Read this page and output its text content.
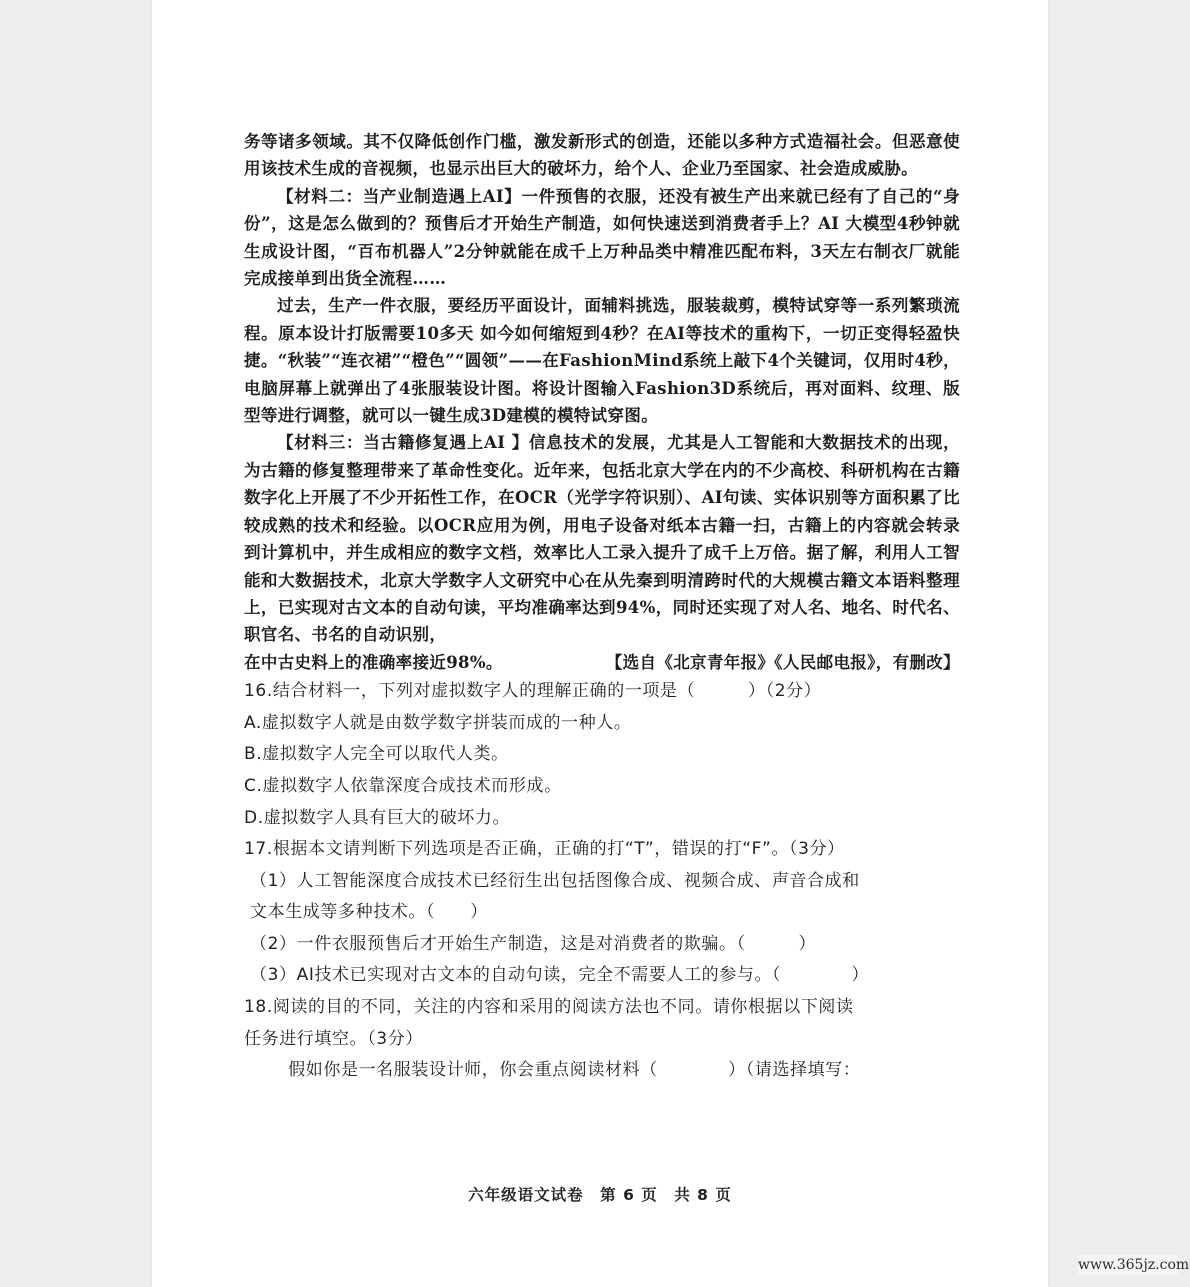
务等诸多领域。其不仅降低创作门槛，激发新形式的创造，还能以多种方式造福社会。但恶意使用该技术生成的音视频，也显示出巨大的破坏力，给个人、企业乃至国家、社会造成威胁。

【材料二：当产业制造遇上AI】一件预售的衣服，还没有被生产出来就已经有了自己的“身份”，这是怎么做到的？预售后才开始生产制造，如何快速送到消费者手上？AI 大模型4秒钟就生成设计图，“百布机器人”2分钟就能在成千上万种品类中精准匹配布料，3天左右制衣厂就能完成接单到出货全流程……

过去，生产一件衣服，要经历平面设计，面辅料挑选，服装裁剪，模特试穿等一系列繁琐流程。原本设计打版需要10多天 如今如何缩短到4秒？在AI等技术的重构下，一切正变得轻盈快捷。“秋装”“连衣裙”“橙色”“圆领”——在FashionMind系统上敲下4个关键词，仅用时4秒，电脑屏幕上就弹出了4张服装设计图。将设计图输入Fashion3D系统后，再对面料、纹理、版型等进行调整，就可以一键生成3D建模的模特试穿图。

【材料三：当古籍修复遇上AI 】信息技术的发展，尤其是人工智能和大数据技术的出现，为古籍的修复整理带来了革命性变化。近年来，包括北京大学在内的不少高校、科研机构在古籍数字化上开展了不少开拓性工作，在OCR（光学字符识别）、AI句读、实体识别等方面积累了比较成熟的技术和经验。以OCR应用为例，用电子设备对纸本古籍一扫，古籍上的内容就会转录到计算机中，并生成相应的数字文档，效率比人工录入提升了成千上万倍。据了解，利用人工智能和大数据技术，北京大学数字人文研究中心在从先秦到明清跨时代的大规模古籍文本语料整理上，已实现对古文本的自动句读，平均准确率达到94%，同时还实现了对人名、地名、时代名、职官名、书名的自动识别，

在中古史料上的准确率接近98%。	【选自《北京青年报》《人民邮电报》，有删改】

16.结合材料一，下列对虚拟数字人的理解正确的一项是（　　　）（2分）

A.虚拟数字人就是由数学数字拼装而成的一种人。

B.虚拟数字人完全可以取代人类。

C.虚拟数字人依靠深度合成技术而形成。

D.虚拟数字人具有巨大的破坏力。

17.根据本文请判断下列选项是否正确，正确的打“T”，错误的打“F”。（3分）

（1）人工智能深度合成技术已经衍生出包括图像合成、视频合成、声音合成和

文本生成等多种技术。（　　）

（2）一件衣服预售后才开始生产制造，这是对消费者的欺骗。（　　　）

（3）AI技术已实现对古文本的自动句读，完全不需要人工的参与。（　　　　）

18.阅读的目的不同，关注的内容和采用的阅读方法也不同。请你根据以下阅读

任务进行填空。（3分）

假如你是一名服装设计师，你会重点阅读材料（　　　　）（请选择填写：

六年级语文试卷　第 6 页　共 8 页
www.365jz.com
